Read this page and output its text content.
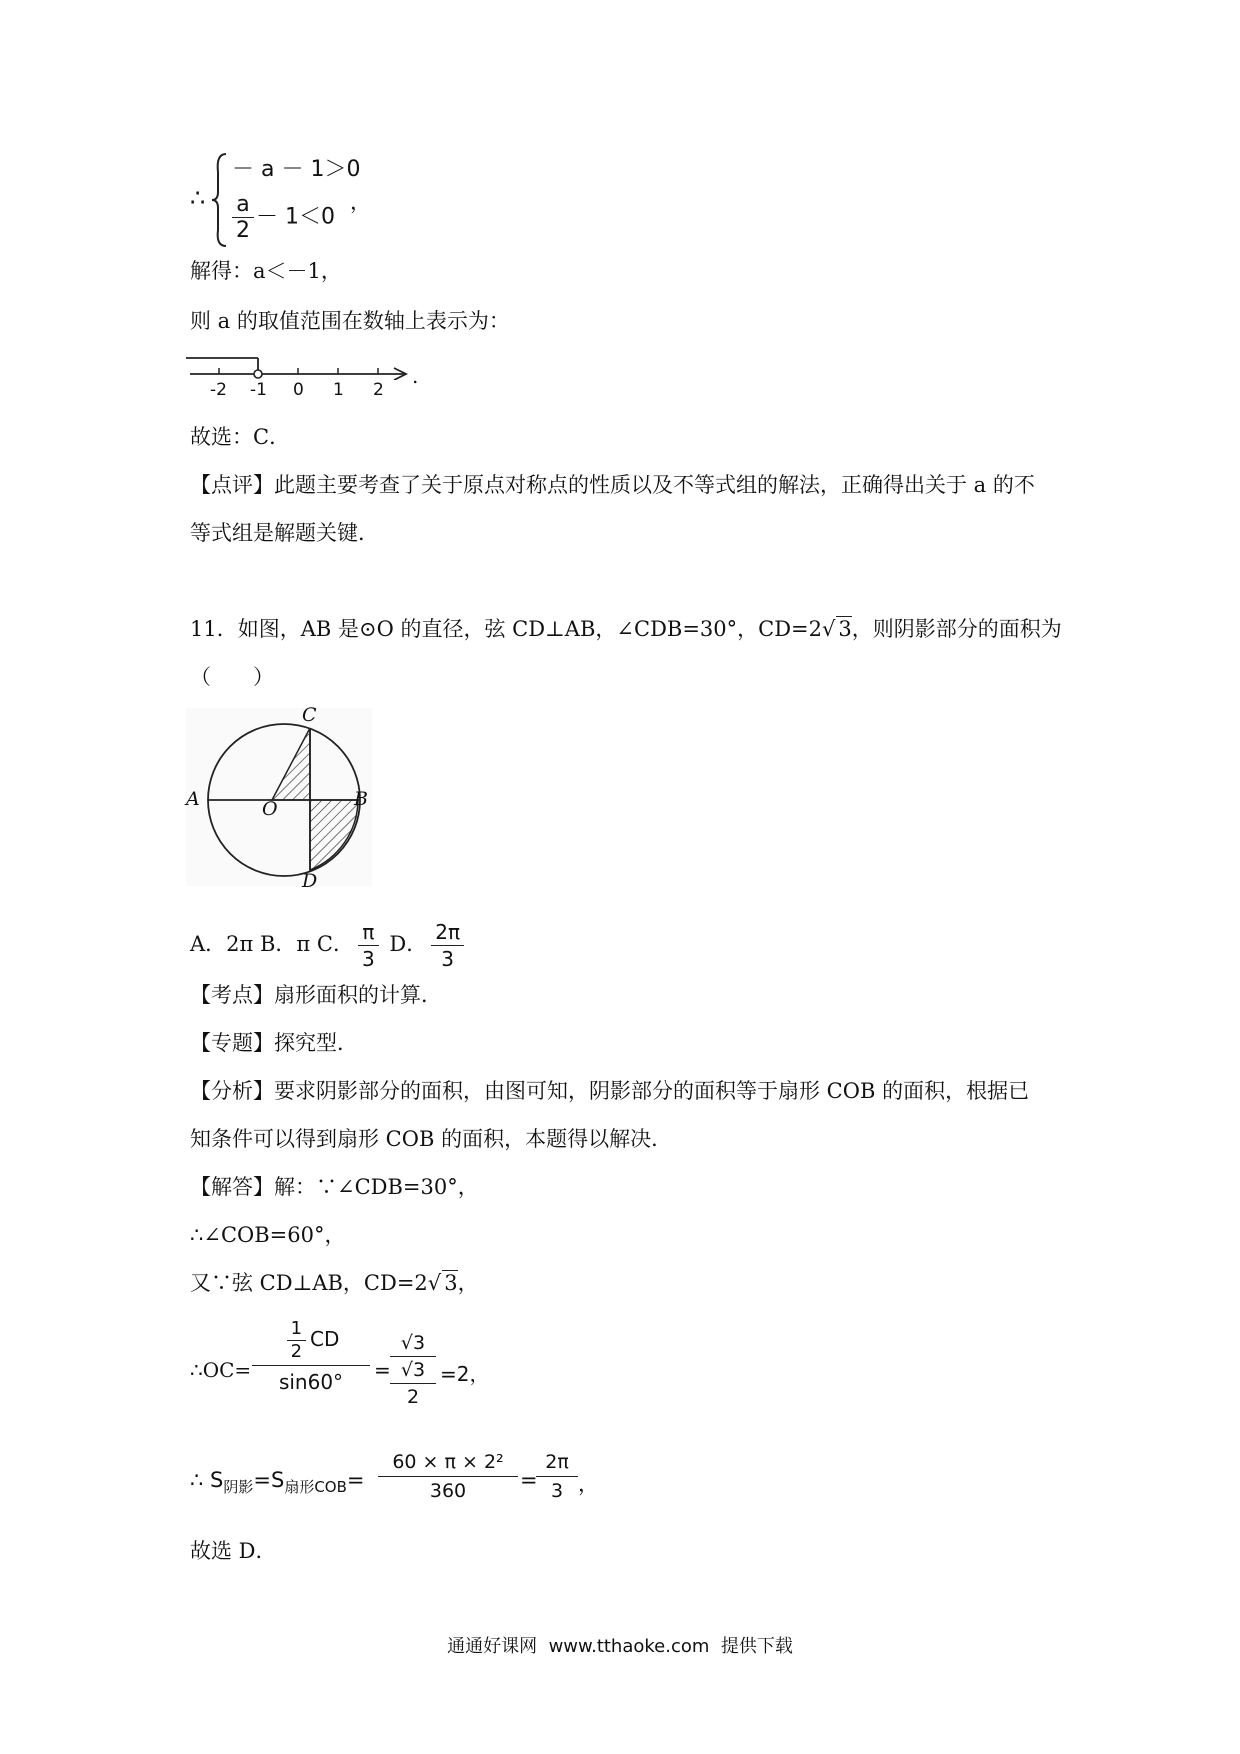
∴
－ a － 1＞0
$\frac{a}{2} - 1<0$
，
解得：a＜－1，
则 a 的取值范围在数轴上表示为：
-2 -1 0 1 2
.
故选：C．
【点评】此题主要考查了关于原点对称点的性质以及不等式组的解法，正确得出关于 a 的不
等式组是解题关键．
11．如图，AB 是⊙O 的直径，弦 CD⊥AB，∠CDB=30°，CD=2√ 3，则阴影部分的面积为
（　　）
C
A	O	B
D
A．2π B．π C． $\frac{\pi}{3}$ D． $\frac{2\pi}{3}$
【考点】扇形面积的计算．
【专题】探究型．
【分析】要求阴影部分的面积，由图可知，阴影部分的面积等于扇形 COB 的面积，根据已
知条件可以得到扇形 COB 的面积，本题得以解决．
【解答】解：∵∠CDB=30°，
∴∠COB=60°，
又∵弦 CD⊥AB，CD=2√ 3，
∴OC= $\frac{\frac{1}{2} CD}{\sin 60^\circ}$ =
√3
√3
2
=2，
∴ $S_{阴影}=S_{扇形COB}= \frac{\text{60 × π × 2²}}{360}$ =
$\frac{2\pi}{3}$ ，
故选 D．
通通好课网  www.tthaoke.com  提供下载
